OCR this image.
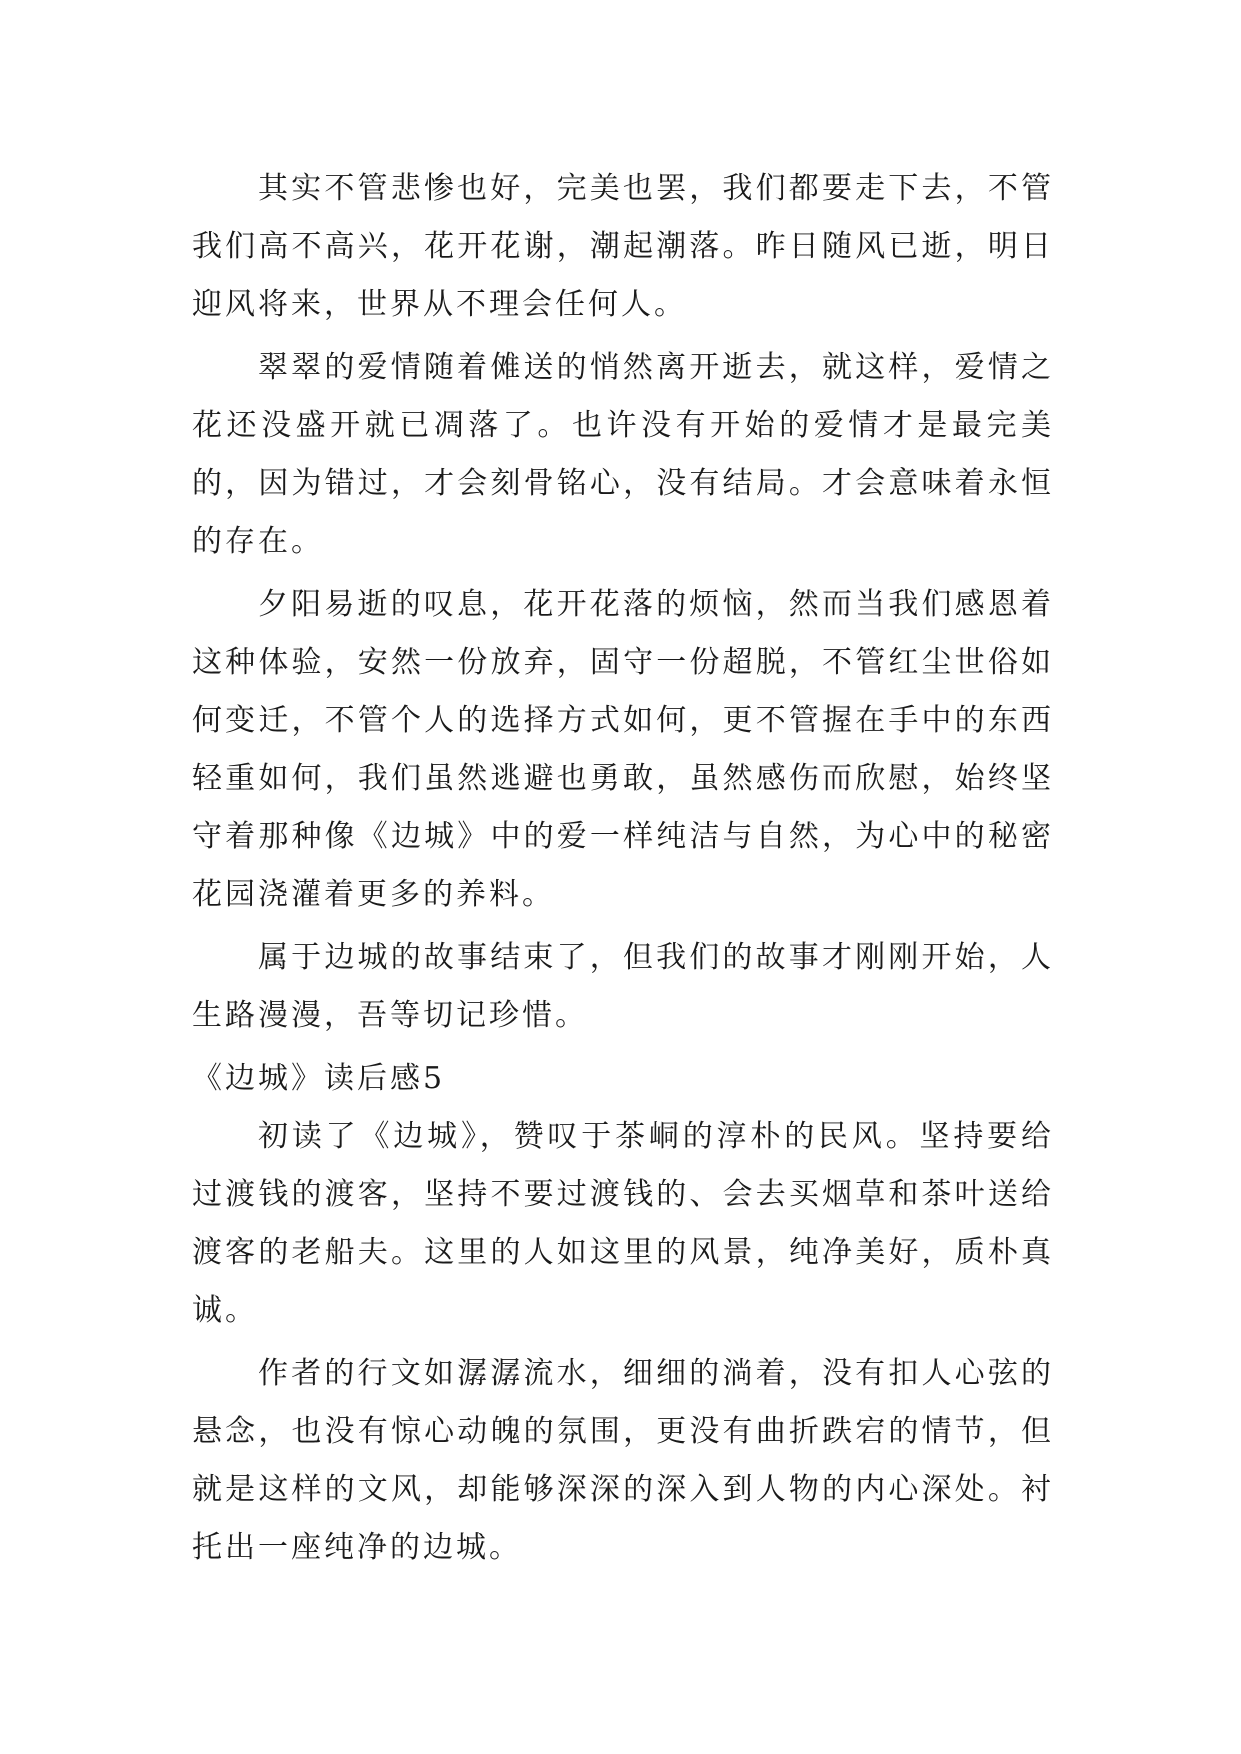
其实不管悲惨也好，完美也罢，我们都要走下去，不管我们高不高兴，花开花谢，潮起潮落。昨日随风已逝，明日迎风将来，世界从不理会任何人。

翠翠的爱情随着傩送的悄然离开逝去，就这样，爱情之花还没盛开就已凋落了。也许没有开始的爱情才是最完美的，因为错过，才会刻骨铭心，没有结局。才会意味着永恒的存在。

夕阳易逝的叹息，花开花落的烦恼，然而当我们感恩着这种体验，安然一份放弃，固守一份超脱，不管红尘世俗如何变迁，不管个人的选择方式如何，更不管握在手中的东西轻重如何，我们虽然逃避也勇敢，虽然感伤而欣慰，始终坚守着那种像《边城》中的爱一样纯洁与自然，为心中的秘密花园浇灌着更多的养料。

属于边城的故事结束了，但我们的故事才刚刚开始，人生路漫漫，吾等切记珍惜。

《边城》读后感5

初读了《边城》，赞叹于茶峒的淳朴的民风。坚持要给过渡钱的渡客，坚持不要过渡钱的、会去买烟草和茶叶送给渡客的老船夫。这里的人如这里的风景，纯净美好，质朴真诚。

作者的行文如潺潺流水，细细的淌着，没有扣人心弦的悬念，也没有惊心动魄的氛围，更没有曲折跌宕的情节，但就是这样的文风，却能够深深的深入到人物的内心深处。衬托出一座纯净的边城。
